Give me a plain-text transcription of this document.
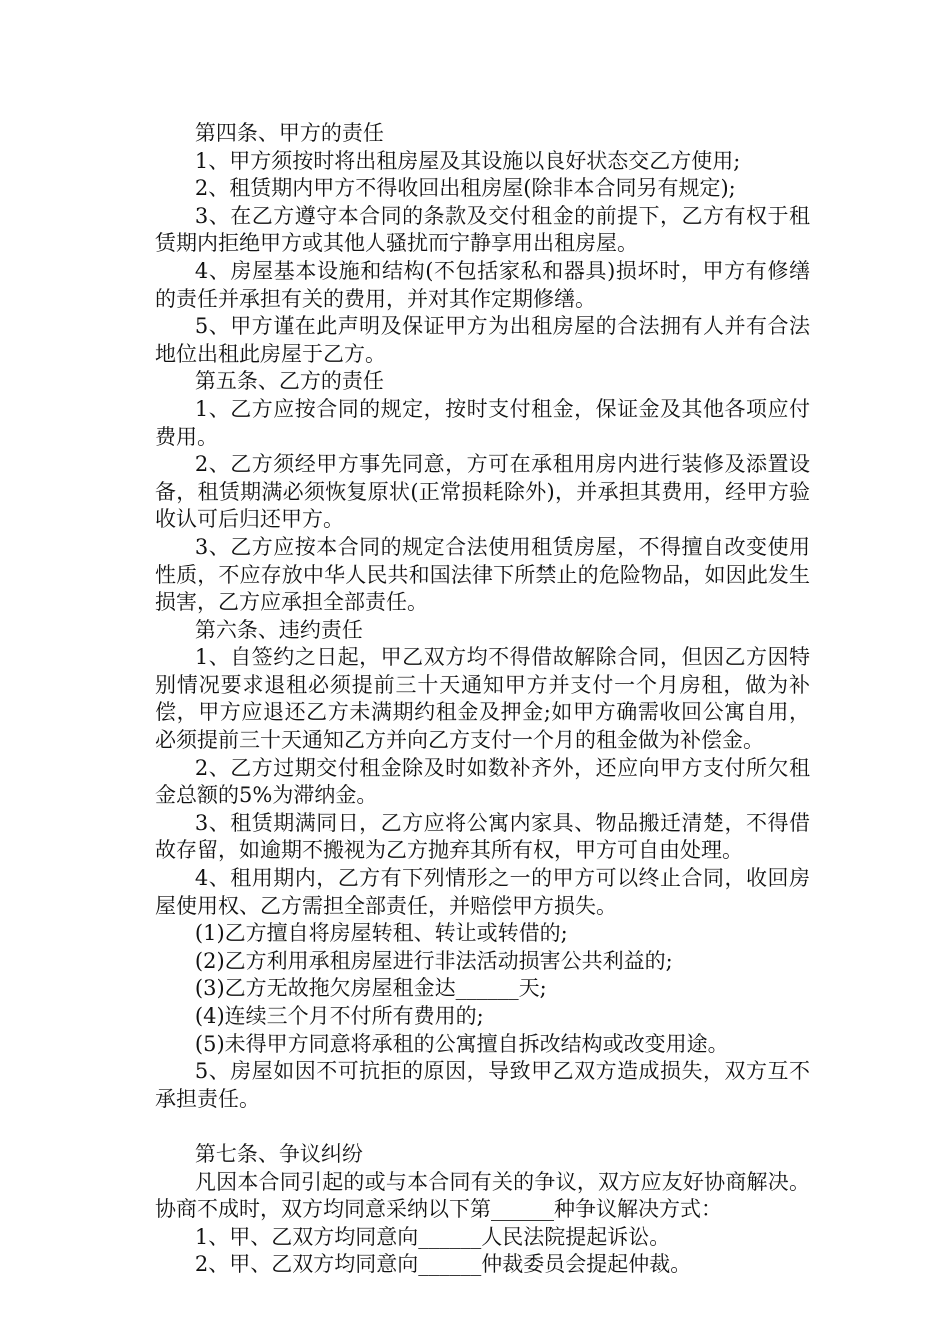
第四条、甲方的责任

1、甲方须按时将出租房屋及其设施以良好状态交乙方使用;

2、租赁期内甲方不得收回出租房屋(除非本合同另有规定);

3、在乙方遵守本合同的条款及交付租金的前提下，乙方有权于租赁期内拒绝甲方或其他人骚扰而宁静享用出租房屋。

4、房屋基本设施和结构(不包括家私和器具)损坏时，甲方有修缮的责任并承担有关的费用，并对其作定期修缮。

5、甲方谨在此声明及保证甲方为出租房屋的合法拥有人并有合法地位出租此房屋于乙方。

第五条、乙方的责任

1、乙方应按合同的规定，按时支付租金，保证金及其他各项应付费用。

2、乙方须经甲方事先同意，方可在承租用房内进行装修及添置设备，租赁期满必须恢复原状(正常损耗除外)，并承担其费用，经甲方验收认可后归还甲方。

3、乙方应按本合同的规定合法使用租赁房屋，不得擅自改变使用性质，不应存放中华人民共和国法律下所禁止的危险物品，如因此发生损害，乙方应承担全部责任。

第六条、违约责任

1、自签约之日起，甲乙双方均不得借故解除合同，但因乙方因特别情况要求退租必须提前三十天通知甲方并支付一个月房租，做为补偿，甲方应退还乙方未满期约租金及押金;如甲方确需收回公寓自用，必须提前三十天通知乙方并向乙方支付一个月的租金做为补偿金。

2、乙方过期交付租金除及时如数补齐外，还应向甲方支付所欠租金总额的5%为滞纳金。

3、租赁期满同日，乙方应将公寓内家具、物品搬迁清楚，不得借故存留，如逾期不搬视为乙方抛弃其所有权，甲方可自由处理。

4、租用期内，乙方有下列情形之一的甲方可以终止合同，收回房屋使用权、乙方需担全部责任，并赔偿甲方损失。

(1)乙方擅自将房屋转租、转让或转借的;

(2)乙方利用承租房屋进行非法活动损害公共利益的;

(3)乙方无故拖欠房屋租金达______天;

(4)连续三个月不付所有费用的;

(5)未得甲方同意将承租的公寓擅自拆改结构或改变用途。

5、房屋如因不可抗拒的原因，导致甲乙双方造成损失，双方互不承担责任。

第七条、争议纠纷

凡因本合同引起的或与本合同有关的争议，双方应友好协商解决。协商不成时，双方均同意采纳以下第______种争议解决方式：

1、甲、乙双方均同意向______人民法院提起诉讼。

2、甲、乙双方均同意向______仲裁委员会提起仲裁。
